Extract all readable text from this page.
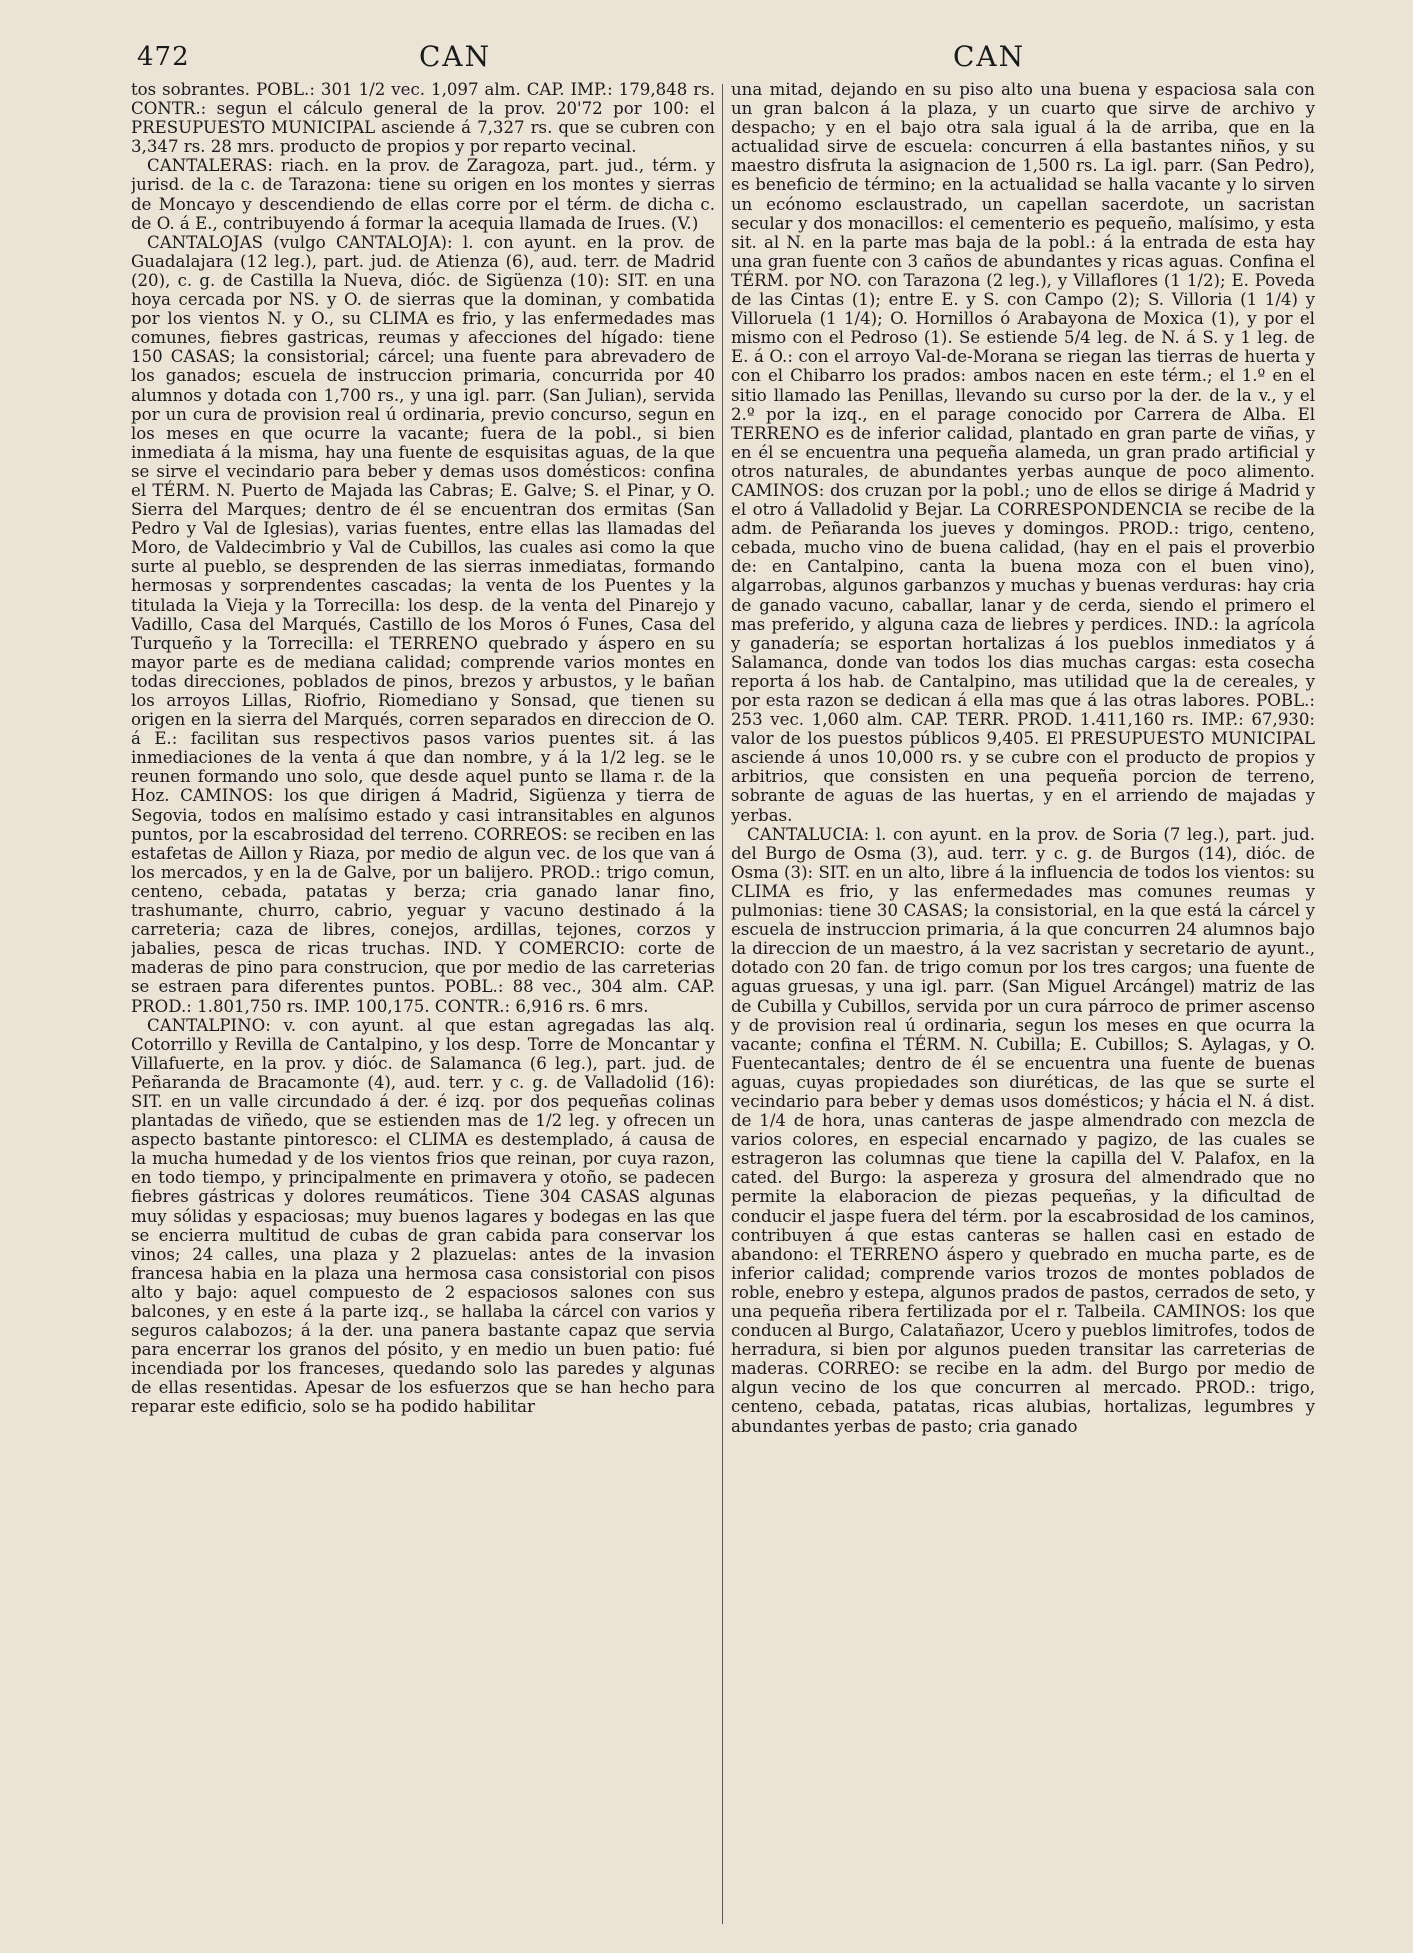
472	CAN	CAN

tos sobrantes. POBL.: 301 1/2 vec. 1,097 alm. CAP. IMP.: 179,848 rs. CONTR.: segun el cálculo general de la prov. 20'72 por 100: el PRESUPUESTO MUNICIPAL asciende á 7,327 rs. que se cubren con 3,347 rs. 28 mrs. producto de propios y por reparto vecinal.

CANTALERAS: riach. en la prov. de Zaragoza, part. jud., térm. y jurisd. de la c. de Tarazona: tiene su origen en los montes y sierras de Moncayo y descendiendo de ellas corre por el térm. de dicha c. de O. á E., contribuyendo á formar la acequia llamada de Irues. (V.)

CANTALOJAS (vulgo CANTALOJA): l. con ayunt. en la prov. de Guadalajara (12 leg.), part. jud. de Atienza (6), aud. terr. de Madrid (20), c. g. de Castilla la Nueva, dióc. de Sigüenza (10): SIT. en una hoya cercada por NS. y O. de sierras que la dominan, y combatida por los vientos N. y O., su CLIMA es frio, y las enfermedades mas comunes, fiebres gastricas, reumas y afecciones del hígado: tiene 150 CASAS; la consistorial; cárcel; una fuente para abrevadero de los ganados; escuela de instruccion primaria, concurrida por 40 alumnos y dotada con 1,700 rs., y una igl. parr. (San Julian), servida por un cura de provision real ú ordinaria, previo concurso, segun en los meses en que ocurre la vacante; fuera de la pobl., si bien inmediata á la misma, hay una fuente de esquisitas aguas, de la que se sirve el vecindario para beber y demas usos domésticos: confina el TÉRM. N. Puerto de Majada las Cabras; E. Galve; S. el Pinar, y O. Sierra del Marques; dentro de él se encuentran dos ermitas (San Pedro y Val de Iglesias), varias fuentes, entre ellas las llamadas del Moro, de Valdecimbrio y Val de Cubillos, las cuales asi como la que surte al pueblo, se desprenden de las sierras inmediatas, formando hermosas y sorprendentes cascadas; la venta de los Puentes y la titulada la Vieja y la Torrecilla: los desp. de la venta del Pinarejo y Vadillo, Casa del Marqués, Castillo de los Moros ó Funes, Casa del Turqueño y la Torrecilla: el TERRENO quebrado y áspero en su mayor parte es de mediana calidad; comprende varios montes en todas direcciones, poblados de pinos, brezos y arbustos, y le bañan los arroyos Lillas, Riofrio, Riomediano y Sonsad, que tienen su origen en la sierra del Marqués, corren separados en direccion de O. á E.: facilitan sus respectivos pasos varios puentes sit. á las inmediaciones de la venta á que dan nombre, y á la 1/2 leg. se le reunen formando uno solo, que desde aquel punto se llama r. de la Hoz. CAMINOS: los que dirigen á Madrid, Sigüenza y tierra de Segovia, todos en malísimo estado y casi intransitables en algunos puntos, por la escabrosidad del terreno. CORREOS: se reciben en las estafetas de Aillon y Riaza, por medio de algun vec. de los que van á los mercados, y en la de Galve, por un balijero. PROD.: trigo comun, centeno, cebada, patatas y berza; cria ganado lanar fino, trashumante, churro, cabrio, yeguar y vacuno destinado á la carreteria; caza de libres, conejos, ardillas, tejones, corzos y jabalies, pesca de ricas truchas. IND. Y COMERCIO: corte de maderas de pino para construcion, que por medio de las carreterias se estraen para diferentes puntos. POBL.: 88 vec., 304 alm. CAP. PROD.: 1.801,750 rs. IMP. 100,175. CONTR.: 6,916 rs. 6 mrs.

CANTALPINO: v. con ayunt. al que estan agregadas las alq. Cotorrillo y Revilla de Cantalpino, y los desp. Torre de Moncantar y Villafuerte, en la prov. y dióc. de Salamanca (6 leg.), part. jud. de Peñaranda de Bracamonte (4), aud. terr. y c. g. de Valladolid (16): SIT. en un valle circundado á der. é izq. por dos pequeñas colinas plantadas de viñedo, que se estienden mas de 1/2 leg. y ofrecen un aspecto bastante pintoresco: el CLIMA es destemplado, á causa de la mucha humedad y de los vientos frios que reinan, por cuya razon, en todo tiempo, y principalmente en primavera y otoño, se padecen fiebres gástricas y dolores reumáticos. Tiene 304 CASAS algunas muy sólidas y espaciosas; muy buenos lagares y bodegas en las que se encierra multitud de cubas de gran cabida para conservar los vinos; 24 calles, una plaza y 2 plazuelas: antes de la invasion francesa habia en la plaza una hermosa casa consistorial con pisos alto y bajo: aquel compuesto de 2 espaciosos salones con sus balcones, y en este á la parte izq., se hallaba la cárcel con varios y seguros calabozos; á la der. una panera bastante capaz que servia para encerrar los granos del pósito, y en medio un buen patio: fué incendiada por los franceses, quedando solo las paredes y algunas de ellas resentidas. Apesar de los esfuerzos que se han hecho para reparar este edificio, solo se ha podido habilitar

una mitad, dejando en su piso alto una buena y espaciosa sala con un gran balcon á la plaza, y un cuarto que sirve de archivo y despacho; y en el bajo otra sala igual á la de arriba, que en la actualidad sirve de escuela: concurren á ella bastantes niños, y su maestro disfruta la asignacion de 1,500 rs. La igl. parr. (San Pedro), es beneficio de término; en la actualidad se halla vacante y lo sirven un ecónomo esclaustrado, un capellan sacerdote, un sacristan secular y dos monacillos: el cementerio es pequeño, malísimo, y esta sit. al N. en la parte mas baja de la pobl.: á la entrada de esta hay una gran fuente con 3 caños de abundantes y ricas aguas. Confina el TÉRM. por NO. con Tarazona (2 leg.), y Villaflores (1 1/2); E. Poveda de las Cintas (1); entre E. y S. con Campo (2); S. Villoria (1 1/4) y Villoruela (1 1/4); O. Hornillos ó Arabayona de Moxica (1), y por el mismo con el Pedroso (1). Se estiende 5/4 leg. de N. á S. y 1 leg. de E. á O.: con el arroyo Val-de-Morana se riegan las tierras de huerta y con el Chibarro los prados: ambos nacen en este térm.; el 1.º en el sitio llamado las Penillas, llevando su curso por la der. de la v., y el 2.º por la izq., en el parage conocido por Carrera de Alba. El TERRENO es de inferior calidad, plantado en gran parte de viñas, y en él se encuentra una pequeña alameda, un gran prado artificial y otros naturales, de abundantes yerbas aunque de poco alimento. CAMINOS: dos cruzan por la pobl.; uno de ellos se dirige á Madrid y el otro á Valladolid y Bejar. La CORRESPONDENCIA se recibe de la adm. de Peñaranda los jueves y domingos. PROD.: trigo, centeno, cebada, mucho vino de buena calidad, (hay en el pais el proverbio de: en Cantalpino, canta la buena moza con el buen vino), algarrobas, algunos garbanzos y muchas y buenas verduras: hay cria de ganado vacuno, caballar, lanar y de cerda, siendo el primero el mas preferido, y alguna caza de liebres y perdices. IND.: la agrícola y ganadería; se esportan hortalizas á los pueblos inmediatos y á Salamanca, donde van todos los dias muchas cargas: esta cosecha reporta á los hab. de Cantalpino, mas utilidad que la de cereales, y por esta razon se dedican á ella mas que á las otras labores. POBL.: 253 vec. 1,060 alm. CAP. TERR. PROD. 1.411,160 rs. IMP.: 67,930: valor de los puestos públicos 9,405. El PRESUPUESTO MUNICIPAL asciende á unos 10,000 rs. y se cubre con el producto de propios y arbitrios, que consisten en una pequeña porcion de terreno, sobrante de aguas de las huertas, y en el arriendo de majadas y yerbas.

CANTALUCIA: l. con ayunt. en la prov. de Soria (7 leg.), part. jud. del Burgo de Osma (3), aud. terr. y c. g. de Burgos (14), dióc. de Osma (3): SIT. en un alto, libre á la influencia de todos los vientos: su CLIMA es frio, y las enfermedades mas comunes reumas y pulmonias: tiene 30 CASAS; la consistorial, en la que está la cárcel y escuela de instruccion primaria, á la que concurren 24 alumnos bajo la direccion de un maestro, á la vez sacristan y secretario de ayunt., dotado con 20 fan. de trigo comun por los tres cargos; una fuente de aguas gruesas, y una igl. parr. (San Miguel Arcángel) matriz de las de Cubilla y Cubillos, servida por un cura párroco de primer ascenso y de provision real ú ordinaria, segun los meses en que ocurra la vacante; confina el TÉRM. N. Cubilla; E. Cubillos; S. Aylagas, y O. Fuentecantales; dentro de él se encuentra una fuente de buenas aguas, cuyas propiedades son diuréticas, de las que se surte el vecindario para beber y demas usos domésticos; y hácia el N. á dist. de 1/4 de hora, unas canteras de jaspe almendrado con mezcla de varios colores, en especial encarnado y pagizo, de las cuales se estrageron las columnas que tiene la capilla del V. Palafox, en la cated. del Burgo: la aspereza y grosura del almendrado que no permite la elaboracion de piezas pequeñas, y la dificultad de conducir el jaspe fuera del térm. por la escabrosidad de los caminos, contribuyen á que estas canteras se hallen casi en estado de abandono: el TERRENO áspero y quebrado en mucha parte, es de inferior calidad; comprende varios trozos de montes poblados de roble, enebro y estepa, algunos prados de pastos, cerrados de seto, y una pequeña ribera fertilizada por el r. Talbeila. CAMINOS: los que conducen al Burgo, Calatañazor, Ucero y pueblos limitrofes, todos de herradura, si bien por algunos pueden transitar las carreterias de maderas. CORREO: se recibe en la adm. del Burgo por medio de algun vecino de los que concurren al mercado. PROD.: trigo, centeno, cebada, patatas, ricas alubias, hortalizas, legumbres y abundantes yerbas de pasto; cria ganado
